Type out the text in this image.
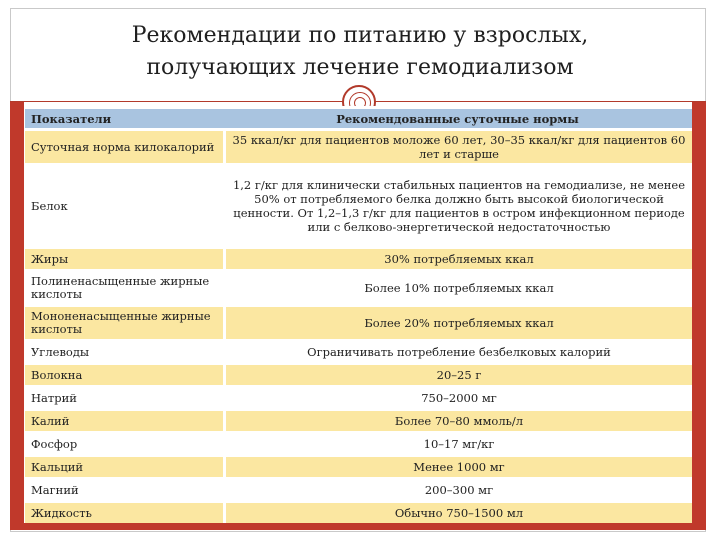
Рекомендации по питанию у взрослых,
получающих лечение гемодиализом
Показатели	Рекомендованные суточные нормы
Суточная норма килокалорий	35 ккал/кг для пациентов моложе 60 лет, 30–35 ккал/кг для пациентов 60 лет и старше
Белок	1,2 г/кг для клинически стабильных пациентов на гемодиализе, не менее 50% от потребляемого белка должно быть высокой биологической ценности. От 1,2–1,3 г/кг для пациентов в остром инфекционном периоде или с белково-энергетической недостаточностью
Жиры	30% потребляемых ккал
Полиненасыщенные жирные кислоты	Более 10% потребляемых ккал
Мононенасыщенные жирные кислоты	Более 20% потребляемых ккал
Углеводы	Ограничивать потребление безбелковых калорий
Волокна	20–25 г
Натрий	750–2000 мг
Калий	Более 70–80 ммоль/л
Фосфор	10–17 мг/кг
Кальций	Менее 1000 мг
Магний	200–300 мг
Жидкость	Обычно 750–1500 мл
